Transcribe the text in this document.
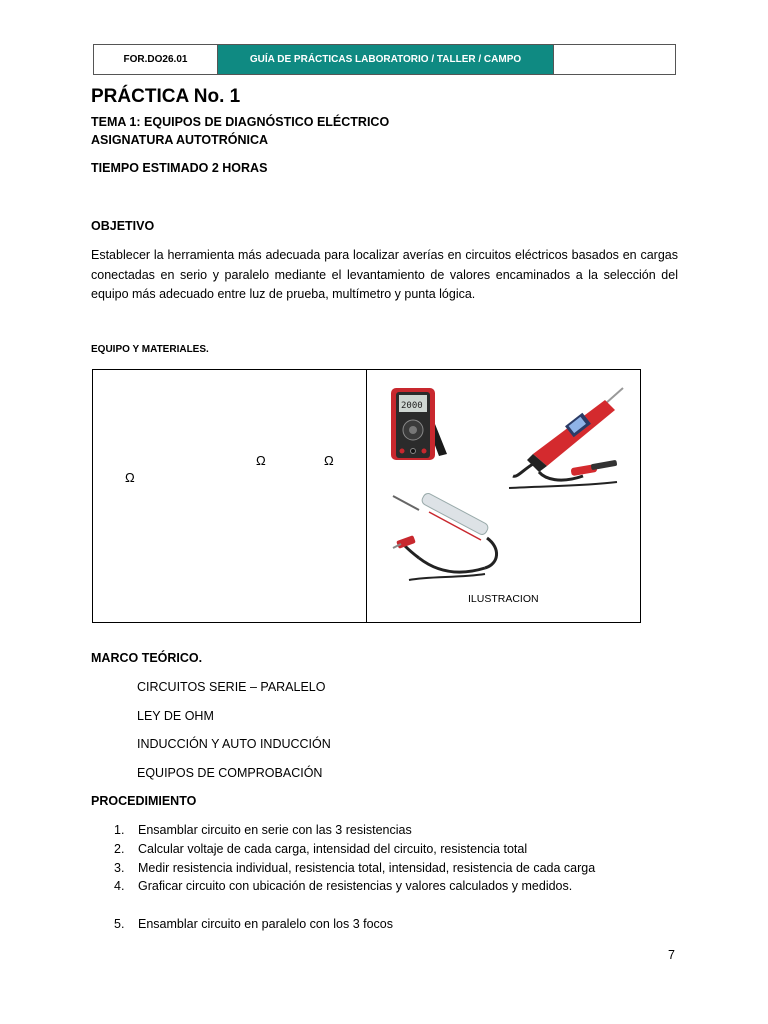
FOR.DO26.01	GUÍA DE PRÁCTICAS LABORATORIO / TALLER / CAMPO
PRÁCTICA No. 1
TEMA 1: EQUIPOS DE DIAGNÓSTICO ELÉCTRICO
ASIGNATURA AUTOTRÓNICA
TIEMPO ESTIMADO 2 HORAS
OBJETIVO
Establecer la herramienta más adecuada para localizar averías en circuitos eléctricos basados en cargas conectadas en serio y paralelo mediante el levantamiento de valores encaminados a la selección del equipo más adecuado entre luz de prueba, multímetro y punta lógica.
EQUIPO Y MATERIALES.
Ω	Ω
Ω
2000
ILUSTRACION
MARCO TEÓRICO.
CIRCUITOS SERIE – PARALELO
LEY DE OHM
INDUCCIÓN Y AUTO INDUCCIÓN
EQUIPOS DE COMPROBACIÓN
PROCEDIMIENTO
1. Ensamblar circuito en serie con las 3 resistencias
2. Calcular voltaje de cada carga, intensidad del circuito, resistencia total
3. Medir resistencia individual, resistencia total, intensidad, resistencia de cada carga
4. Graficar circuito con ubicación de resistencias y valores calculados y medidos.
5. Ensamblar circuito en paralelo con los 3 focos
7
